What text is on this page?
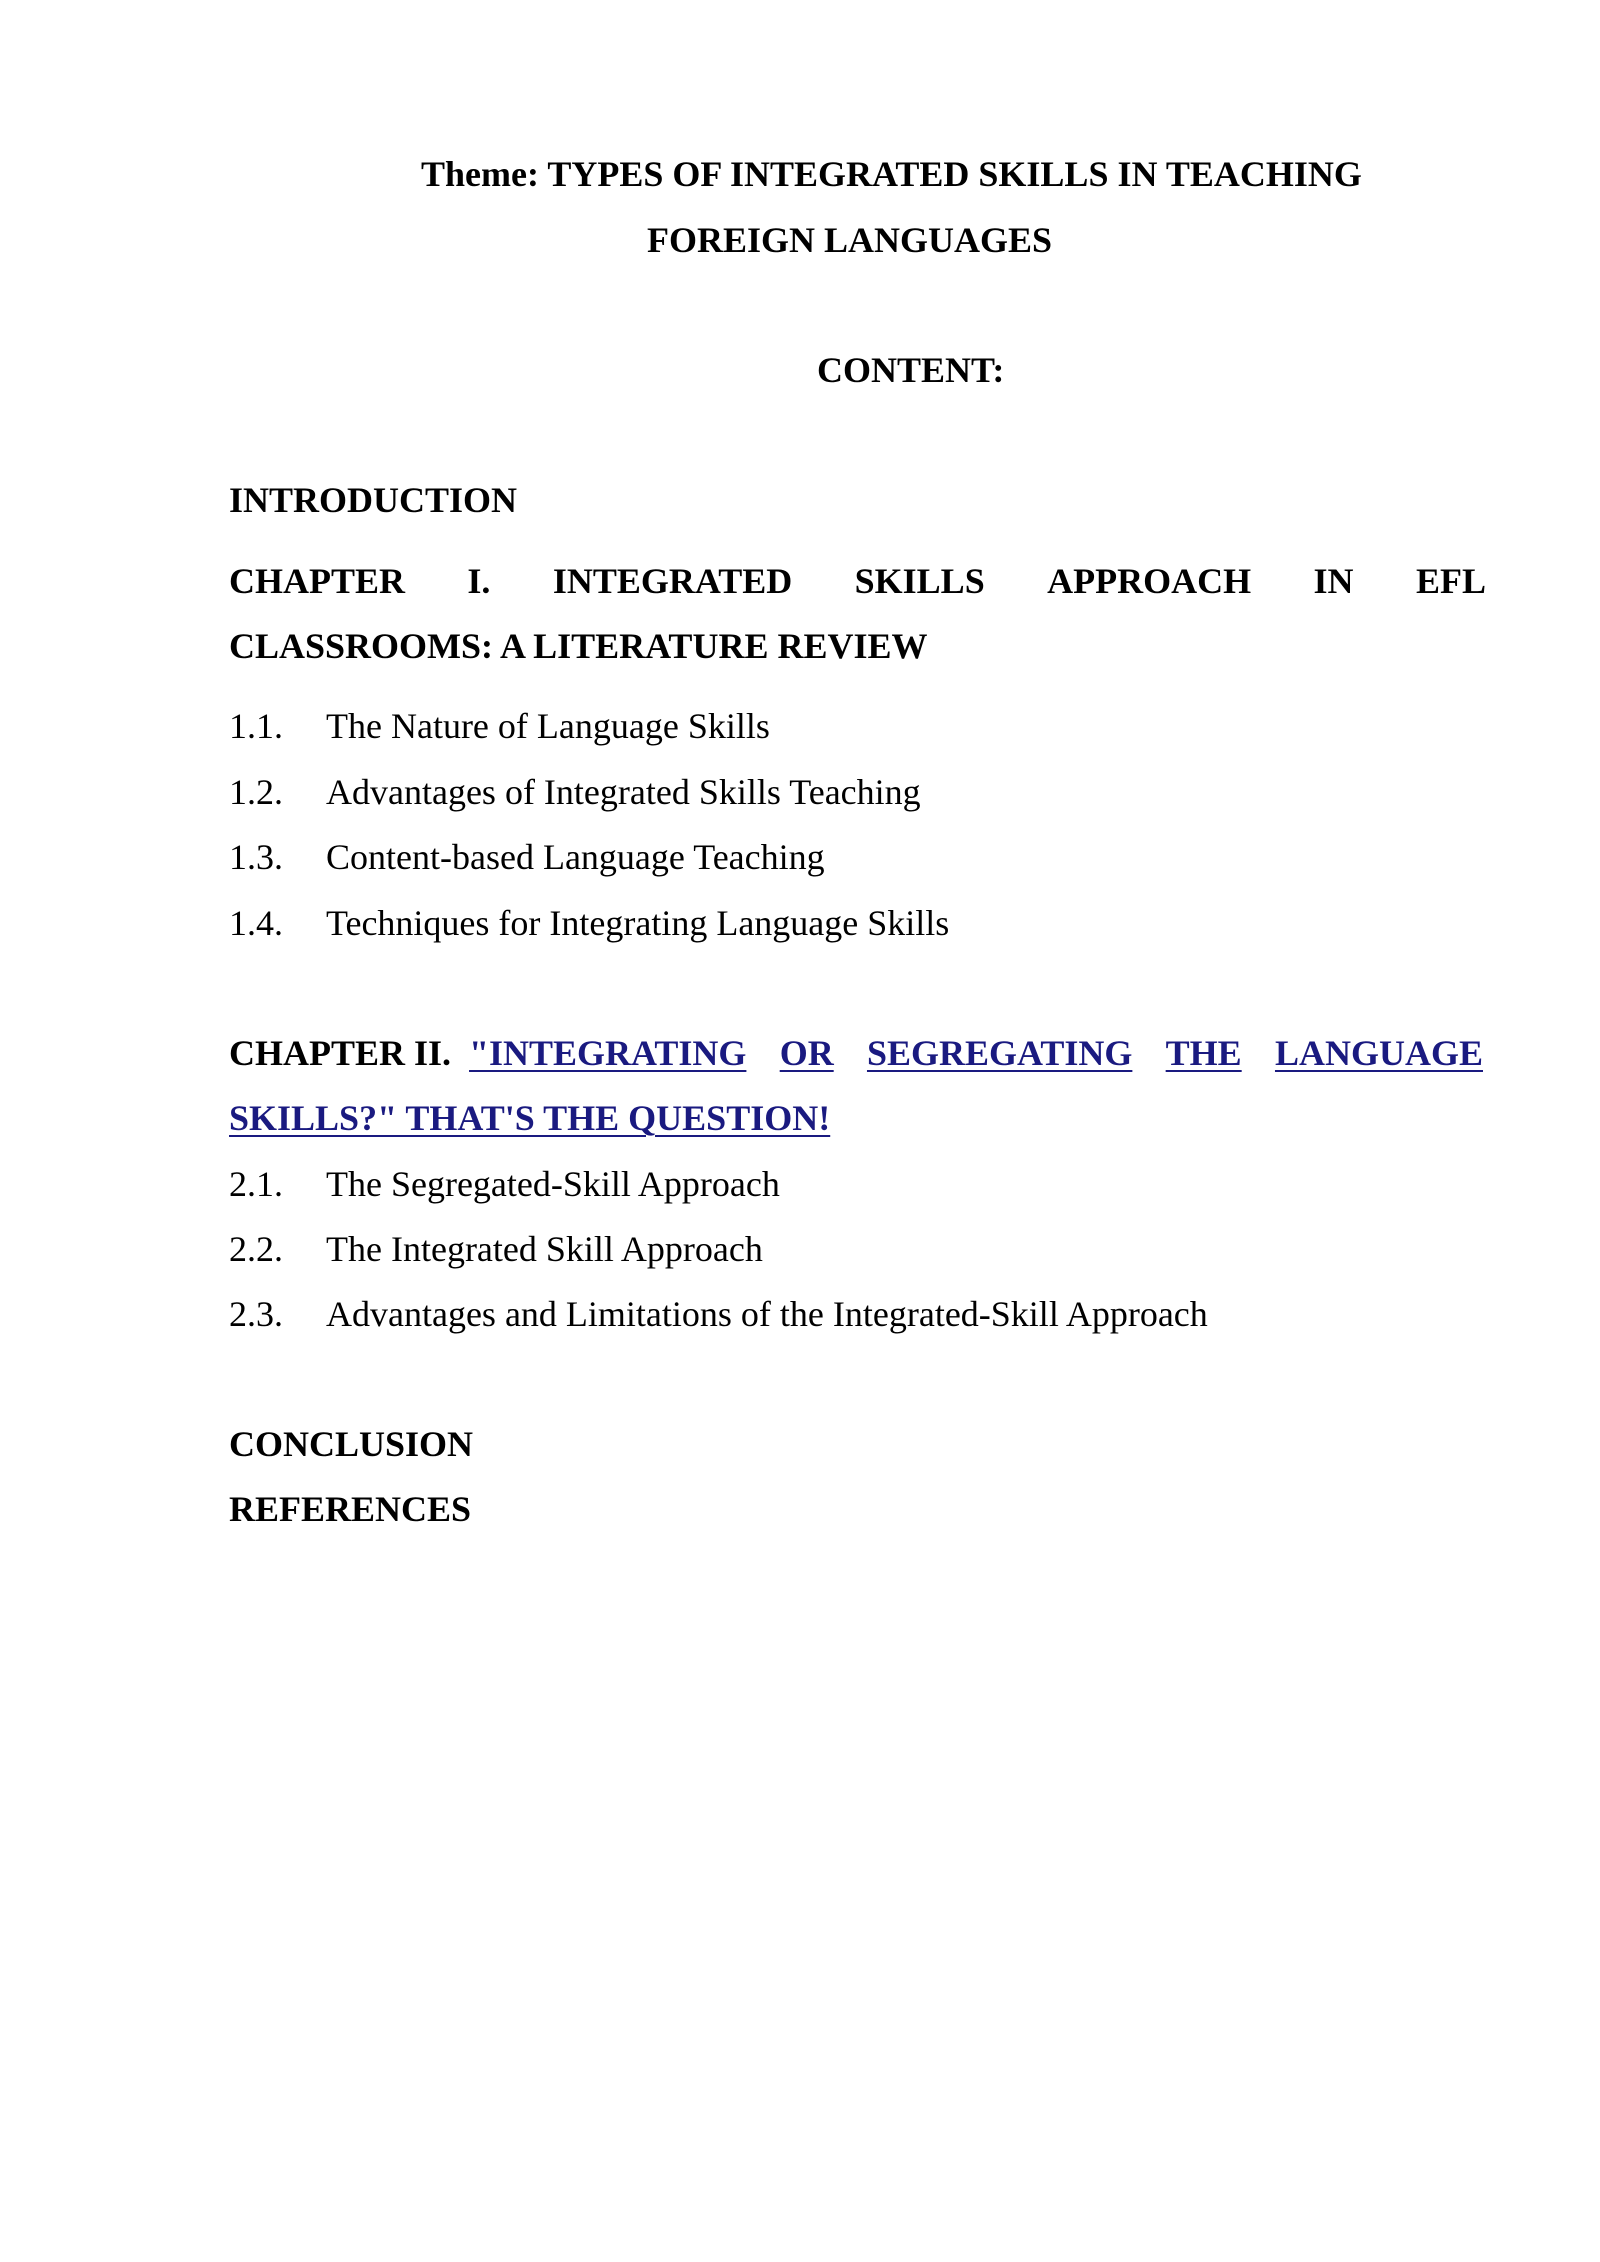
Theme: TYPES OF INTEGRATED SKILLS IN TEACHING
FOREIGN LANGUAGES
CONTENT:
INTRODUCTION
CHAPTER I. INTEGRATED SKILLS APPROACH IN EFL
CLASSROOMS: A LITERATURE REVIEW
1.1. The Nature of Language Skills
1.2. Advantages of Integrated Skills Teaching
1.3. Content-based Language Teaching
1.4. Techniques for Integrating Language Skills
CHAPTER II. "INTEGRATING OR SEGREGATING THE LANGUAGE
SKILLS?" THAT'S THE QUESTION!
2.1. The Segregated-Skill Approach
2.2. The Integrated Skill Approach
2.3. Advantages and Limitations of the Integrated-Skill Approach
CONCLUSION
REFERENCES
